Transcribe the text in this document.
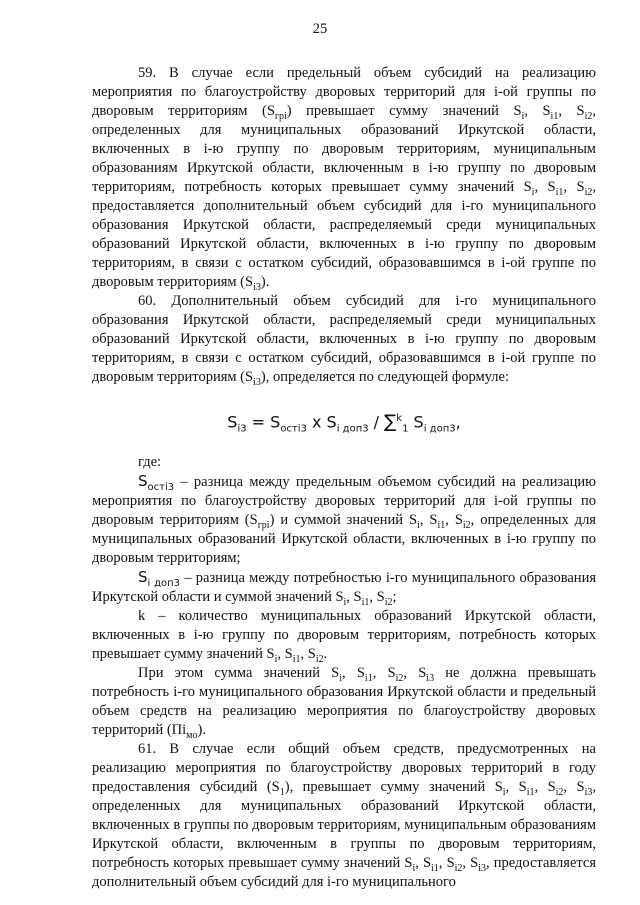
25

59. В случае если предельный объем субсидий на реализацию мероприятия по благоустройству дворовых территорий для i-ой группы по дворовым территориям $(S_{грi})$ превышает сумму значений $S_i$, $S_{i1}$, $S_{i2}$, определенных для муниципальных образований Иркутской области, включенных в i-ю группу по дворовым территориям, муниципальным образованиям Иркутской области, включенным в i-ю группу по дворовым территориям, потребность которых превышает сумму значений $S_i$, $S_{i1}$, $S_{i2}$, предоставляется дополнительный объем субсидий для i-го муниципального образования Иркутской области, распределяемый среди муниципальных образований Иркутской области, включенных в i-ю группу по дворовым территориям, в связи с остатком субсидий, образовавшимся в i-ой группе по дворовым территориям $(S_{i3})$.

60. Дополнительный объем субсидий для i-го муниципального образования Иркутской области, распределяемый среди муниципальных образований Иркутской области, включенных в i-ю группу по дворовым территориям, в связи с остатком субсидий, образовавшимся в i-ой группе по дворовым территориям $(S_{i3})$, определяется по следующей формуле:

$S_{i3} = S_{остi3}$ x $S_{i доп3} / \sum^k_1$ $S_{i доп3}$,

где:

$S_{остi3}$ – разница между предельным объемом субсидий на реализацию мероприятия по благоустройству дворовых территорий для i-ой группы по дворовым территориям $(S_{грi})$ и суммой значений $S_i$, $S_{i1}$, $S_{i2}$, определенных для муниципальных образований Иркутской области, включенных в i-ю группу по дворовым территориям;

$S_{i доп3}$ – разница между потребностью i-го муниципального образования Иркутской области и суммой значений $S_i$, $S_{i1}$, $S_{i2}$;

k – количество муниципальных образований Иркутской области, включенных в i-ю группу по дворовым территориям, потребность которых превышает сумму значений $S_i$, $S_{i1}$, $S_{i2}$.

При этом сумма значений $S_i$, $S_{i1}$, $S_{i2}$, $S_{i3}$ не должна превышать потребность i-го муниципального образования Иркутской области и предельный объем средств на реализацию мероприятия по благоустройству дворовых территорий $(Пi_{мо})$.

61. В случае если общий объем средств, предусмотренных на реализацию мероприятия по благоустройству дворовых территорий в году предоставления субсидий $(S_1)$, превышает сумму значений $S_i$, $S_{i1}$, $S_{i2}$, $S_{i3}$, определенных для муниципальных образований Иркутской области, включенных в группы по дворовым территориям, муниципальным образованиям Иркутской области, включенным в группы по дворовым территориям, потребность которых превышает сумму значений $S_i$, $S_{i1}$, $S_{i2}$, $S_{i3}$, предоставляется дополнительный объем субсидий для i-го муниципального
